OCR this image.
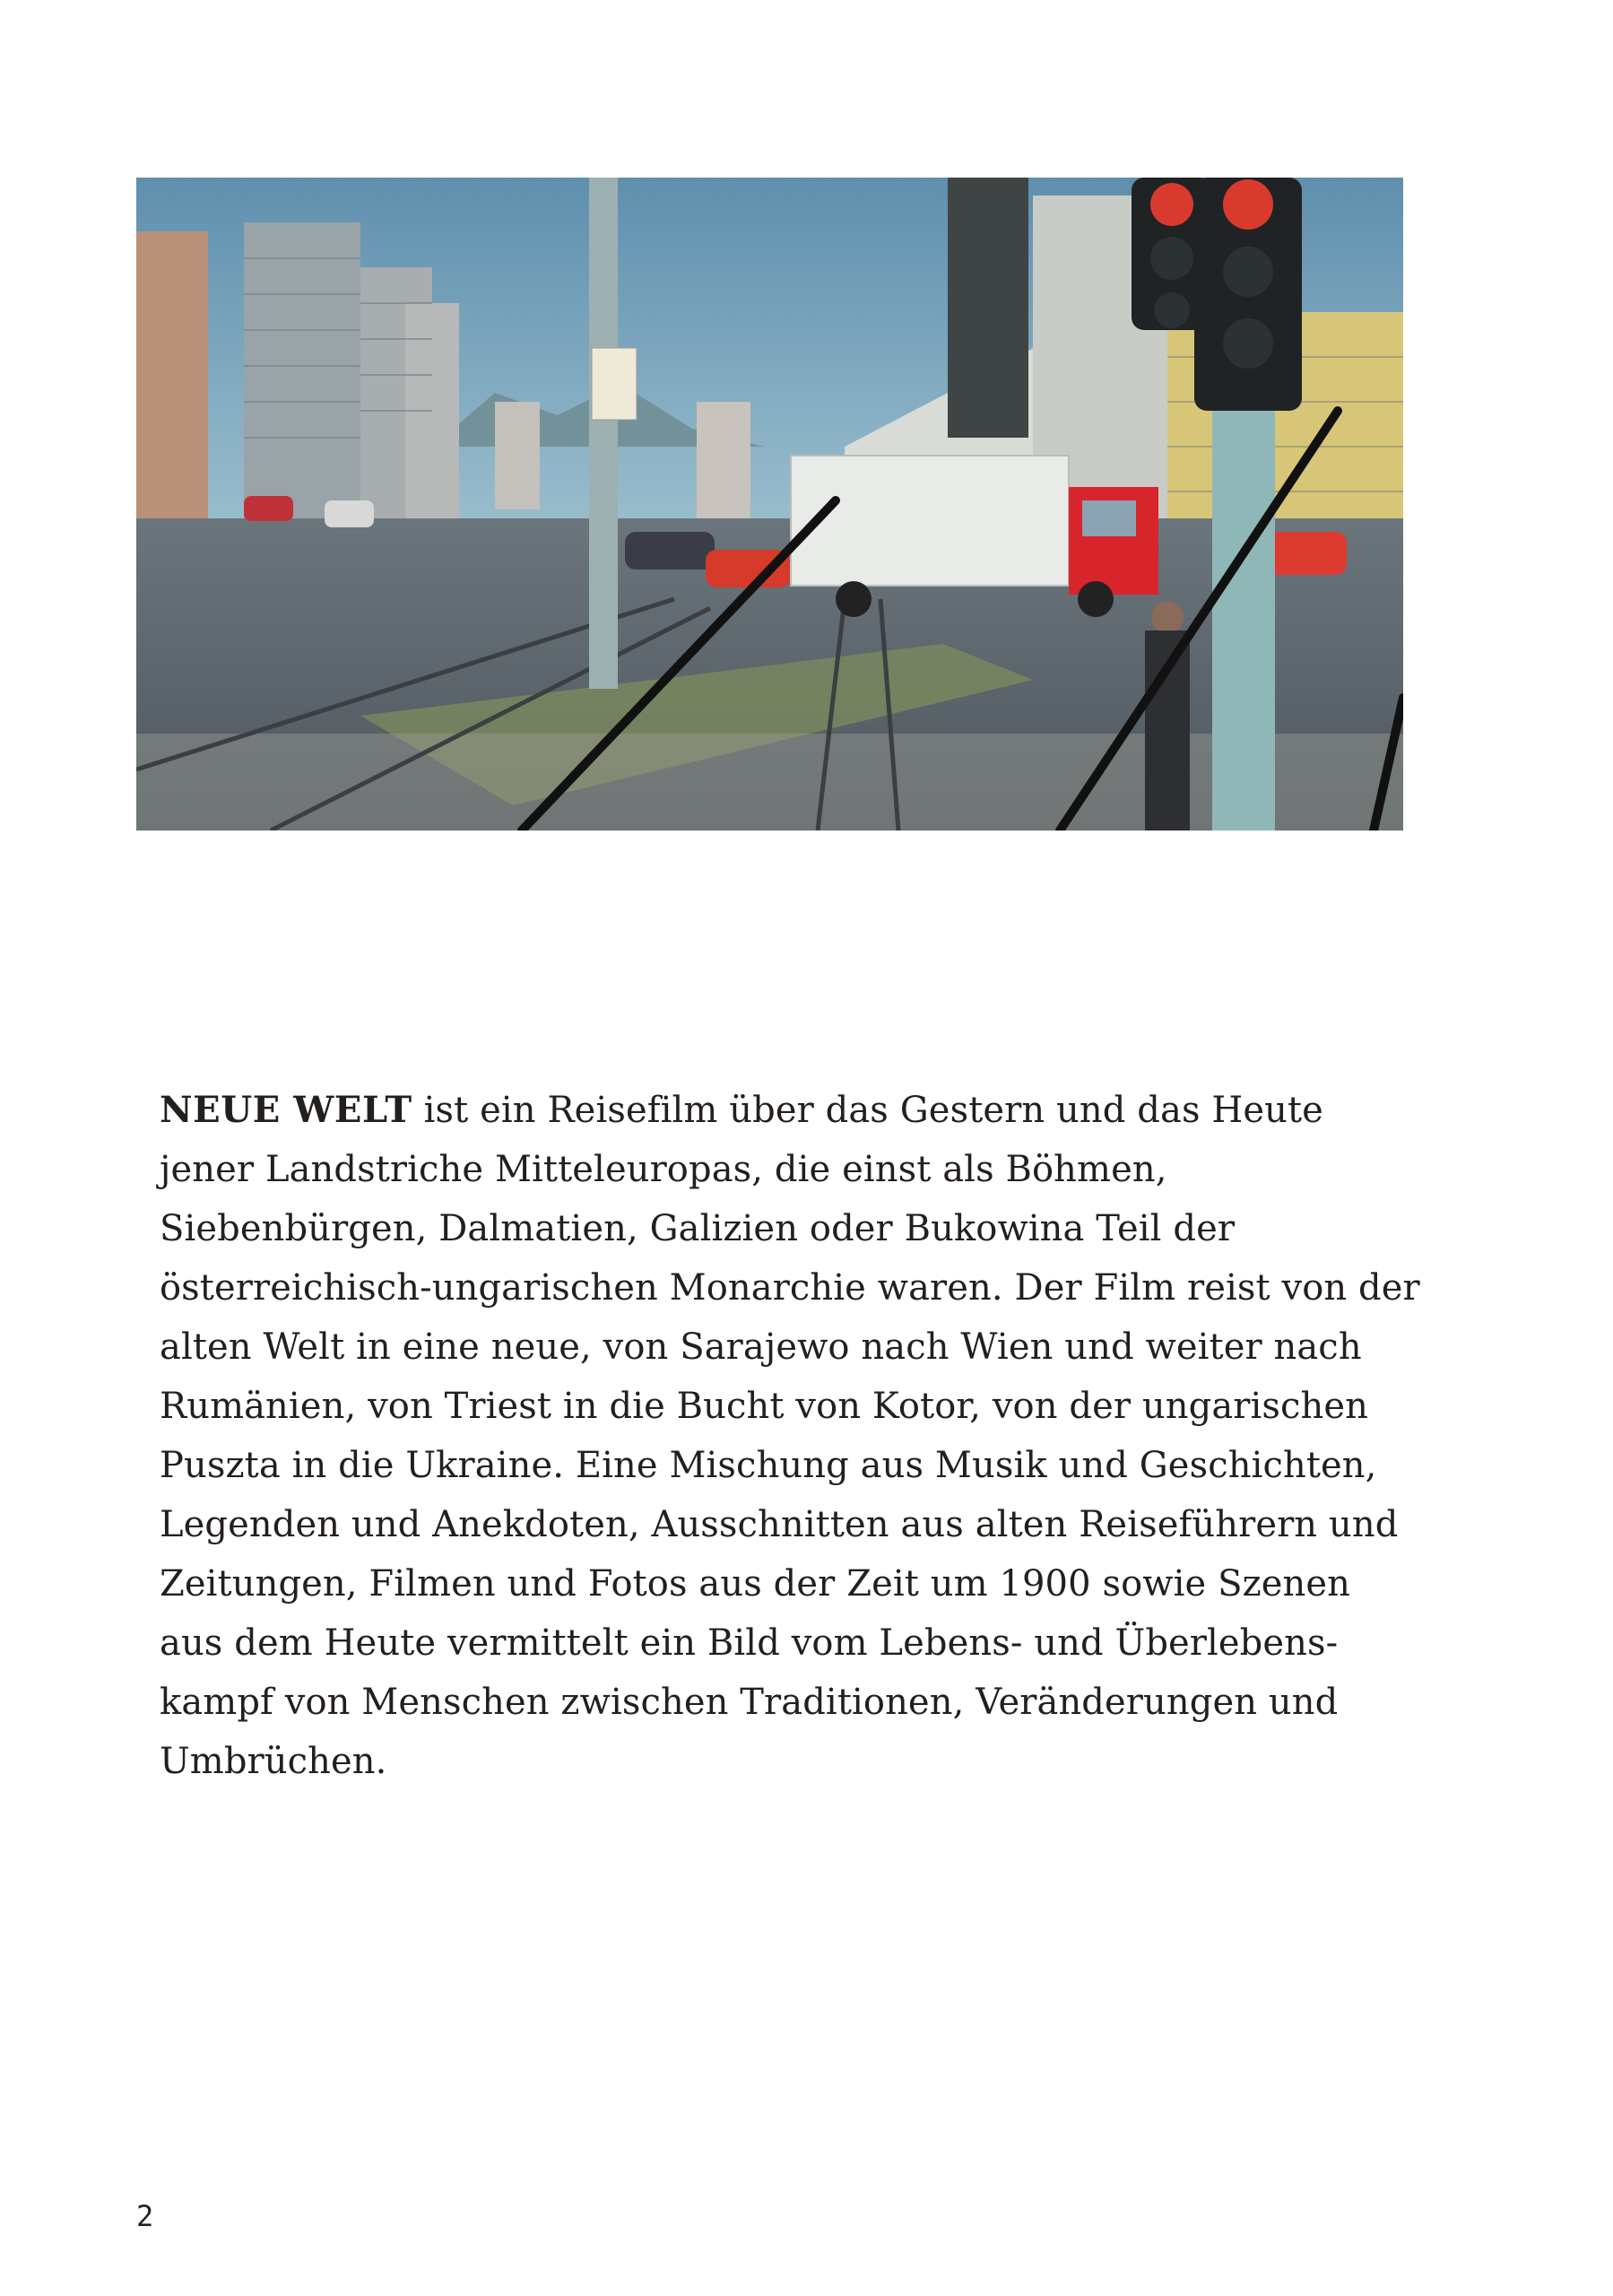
NEUE WELT ist ein Reisefilm über das Gestern und das Heute
jener Landstriche Mitteleuropas, die einst als Böhmen,
Siebenbürgen, Dalmatien, Galizien oder Bukowina Teil der
österreichisch-ungarischen Monarchie waren. Der Film reist von der
alten Welt in eine neue, von Sarajewo nach Wien und weiter nach
Rumänien, von Triest in die Bucht von Kotor, von der ungarischen
Puszta in die Ukraine. Eine Mischung aus Musik und Geschichten,
Legenden und Anekdoten, Ausschnitten aus alten Reiseführern und
Zeitungen, Filmen und Fotos aus der Zeit um 1900 sowie Szenen
aus dem Heute vermittelt ein Bild vom Lebens- und Überlebens-
kampf von Menschen zwischen Traditionen, Veränderungen und
Umbrüchen.

2
